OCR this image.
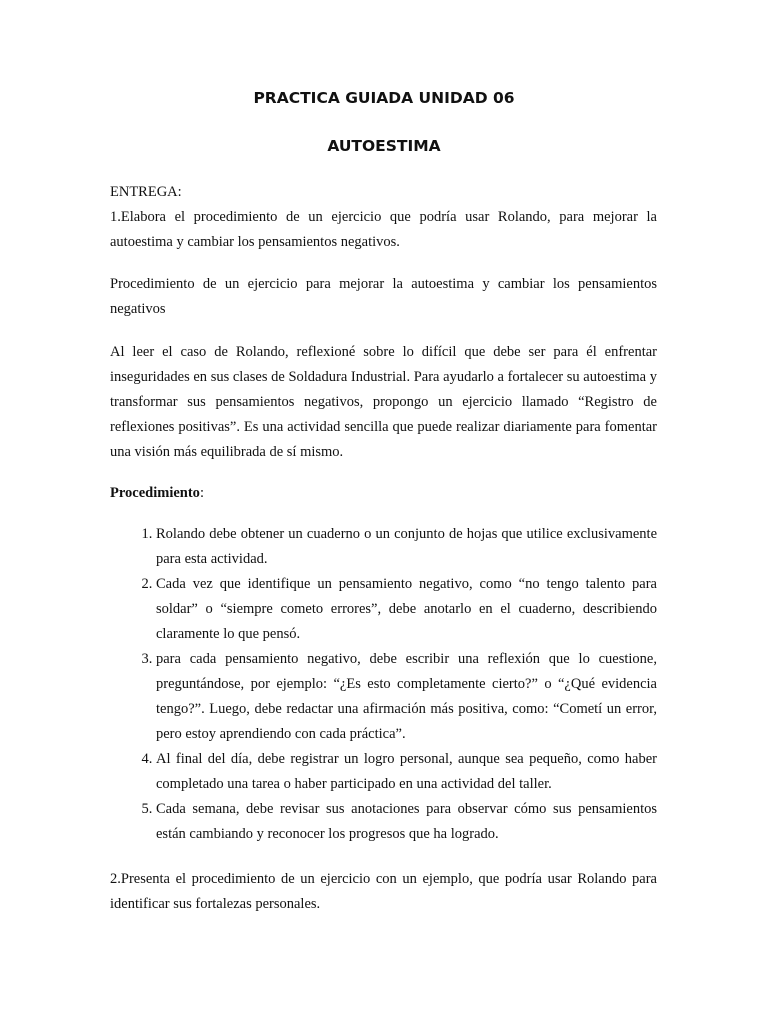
PRACTICA GUIADA UNIDAD 06
AUTOESTIMA

ENTREGA:

1.Elabora el procedimiento de un ejercicio que podría usar Rolando, para mejorar la autoestima y cambiar los pensamientos negativos.

Procedimiento de un ejercicio para mejorar la autoestima y cambiar los pensamientos negativos

Al leer el caso de Rolando, reflexioné sobre lo difícil que debe ser para él enfrentar inseguridades en sus clases de Soldadura Industrial. Para ayudarlo a fortalecer su autoestima y transformar sus pensamientos negativos, propongo un ejercicio llamado “Registro de reflexiones positivas”. Es una actividad sencilla que puede realizar diariamente para fomentar una visión más equilibrada de sí mismo.

Procedimiento:

1. Rolando debe obtener un cuaderno o un conjunto de hojas que utilice exclusivamente para esta actividad.
2. Cada vez que identifique un pensamiento negativo, como “no tengo talento para soldar” o “siempre cometo errores”, debe anotarlo en el cuaderno, describiendo claramente lo que pensó.
3. para cada pensamiento negativo, debe escribir una reflexión que lo cuestione, preguntándose, por ejemplo: “¿Es esto completamente cierto?” o “¿Qué evidencia tengo?”. Luego, debe redactar una afirmación más positiva, como: “Cometí un error, pero estoy aprendiendo con cada práctica”.
4. Al final del día, debe registrar un logro personal, aunque sea pequeño, como haber completado una tarea o haber participado en una actividad del taller.
5. Cada semana, debe revisar sus anotaciones para observar cómo sus pensamientos están cambiando y reconocer los progresos que ha logrado.

2.Presenta el procedimiento de un ejercicio con un ejemplo, que podría usar Rolando para identificar sus fortalezas personales.
